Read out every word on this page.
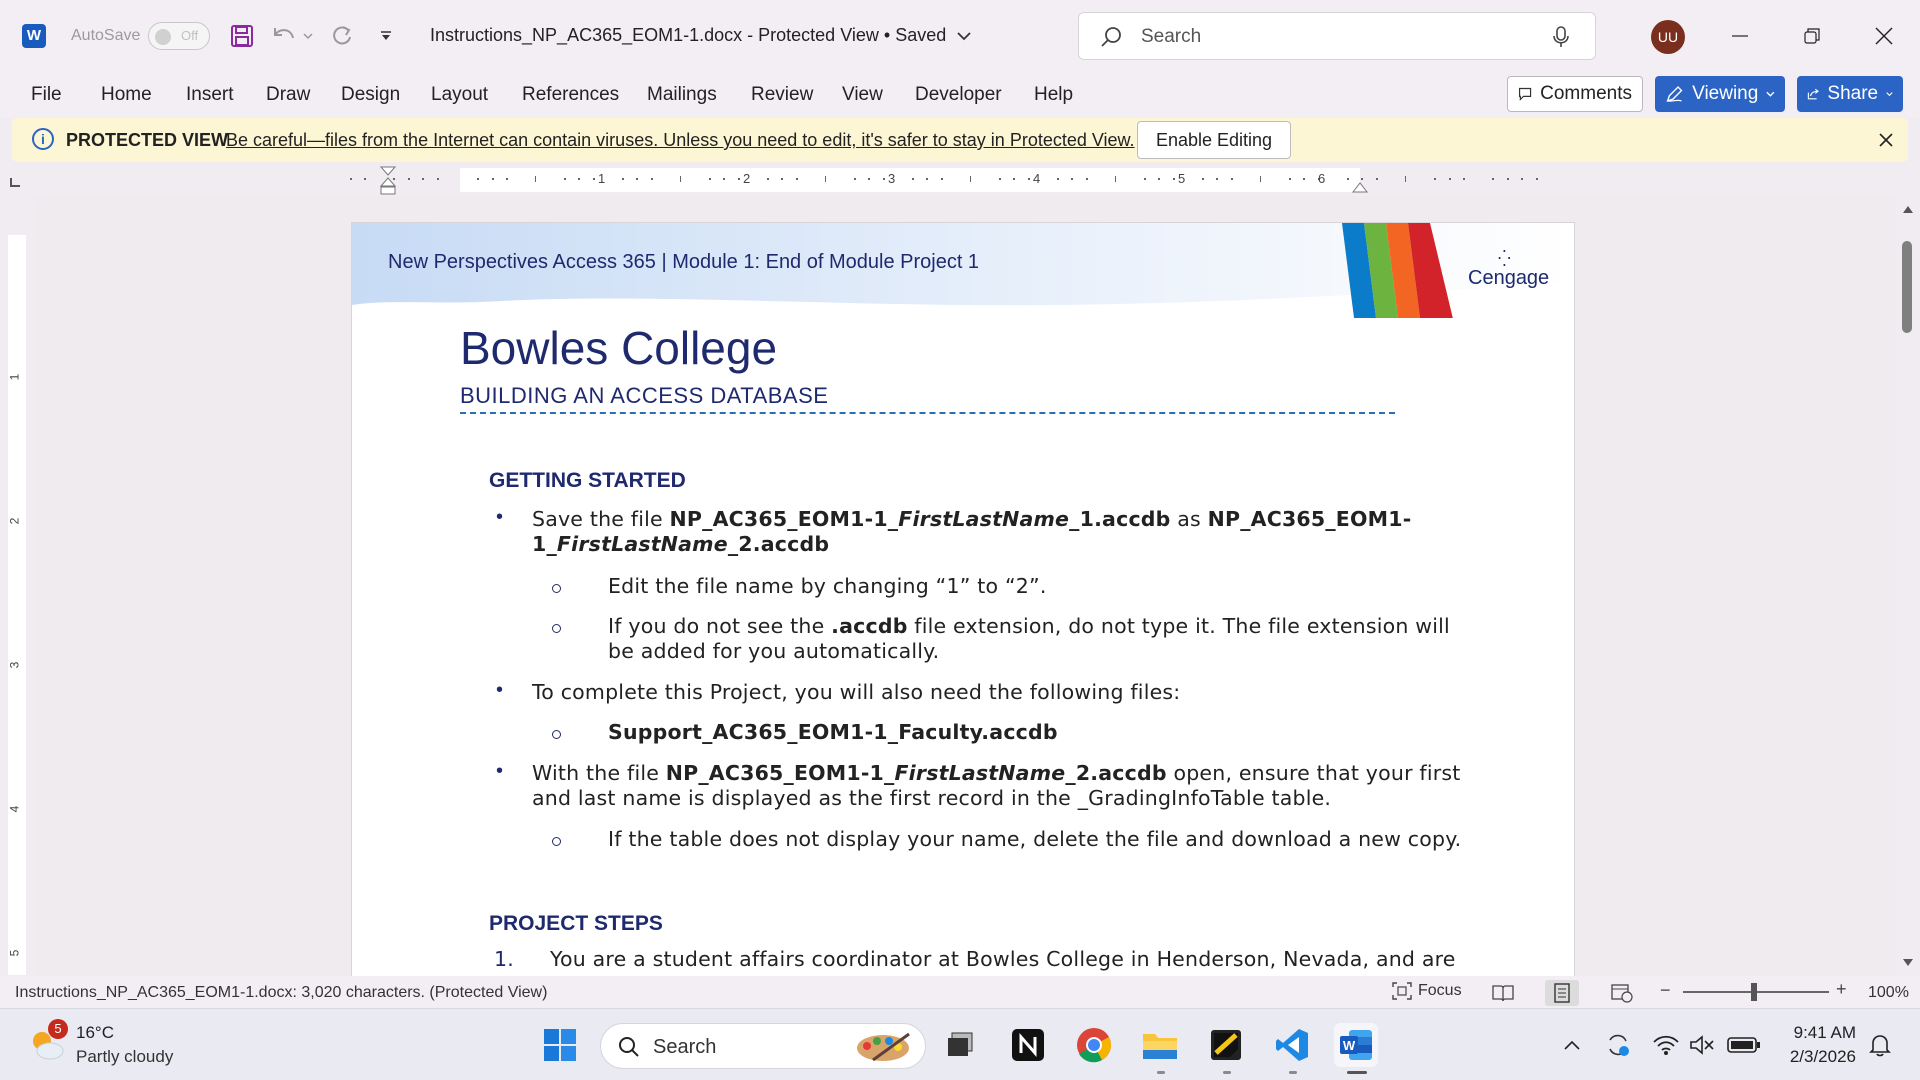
W	AutoSave	Off	Instructions_NP_AC365_EOM1-1.docx - Protected View • Saved	Search	UU
File Home Insert Draw Design Layout References Mailings Review View Developer Help	Comments	Viewing	Share
i	PROTECTED VIEW
Be careful—files from the Internet can contain viruses. Unless you need to edit, it's safer to stay in Protected View.	Enable Editing
1	2	3	4	5	6
1
2
3
4
5
New Perspectives Access 365 | Module 1: End of Module Project 1	⁛
Cengage
Bowles College
BUILDING AN ACCESS DATABASE
GETTING STARTED
• Save the file NP_AC365_EOM1-1_FirstLastName_1.accdb as NP_AC365_EOM1-
1_FirstLastName_2.accdb
Edit the file name by changing “1” to “2”.
If you do not see the .accdb file extension, do not type it. The file extension will
be added for you automatically.
• To complete this Project, you will also need the following files:
Support_AC365_EOM1-1_Faculty.accdb
• With the file NP_AC365_EOM1-1_FirstLastName_2.accdb open, ensure that your first
and last name is displayed as the first record in the _GradingInfoTable table.
If the table does not display your name, delete the file and download a new copy.
PROJECT STEPS
1. You are a student affairs coordinator at Bowles College in Henderson, Nevada, and are
Instructions_NP_AC365_EOM1-1.docx: 3,020 characters. (Protected View)	Focus	−	+ 100%
5 16°C
Partly cloudy	Search	W
9:41 AM
2/3/2026
